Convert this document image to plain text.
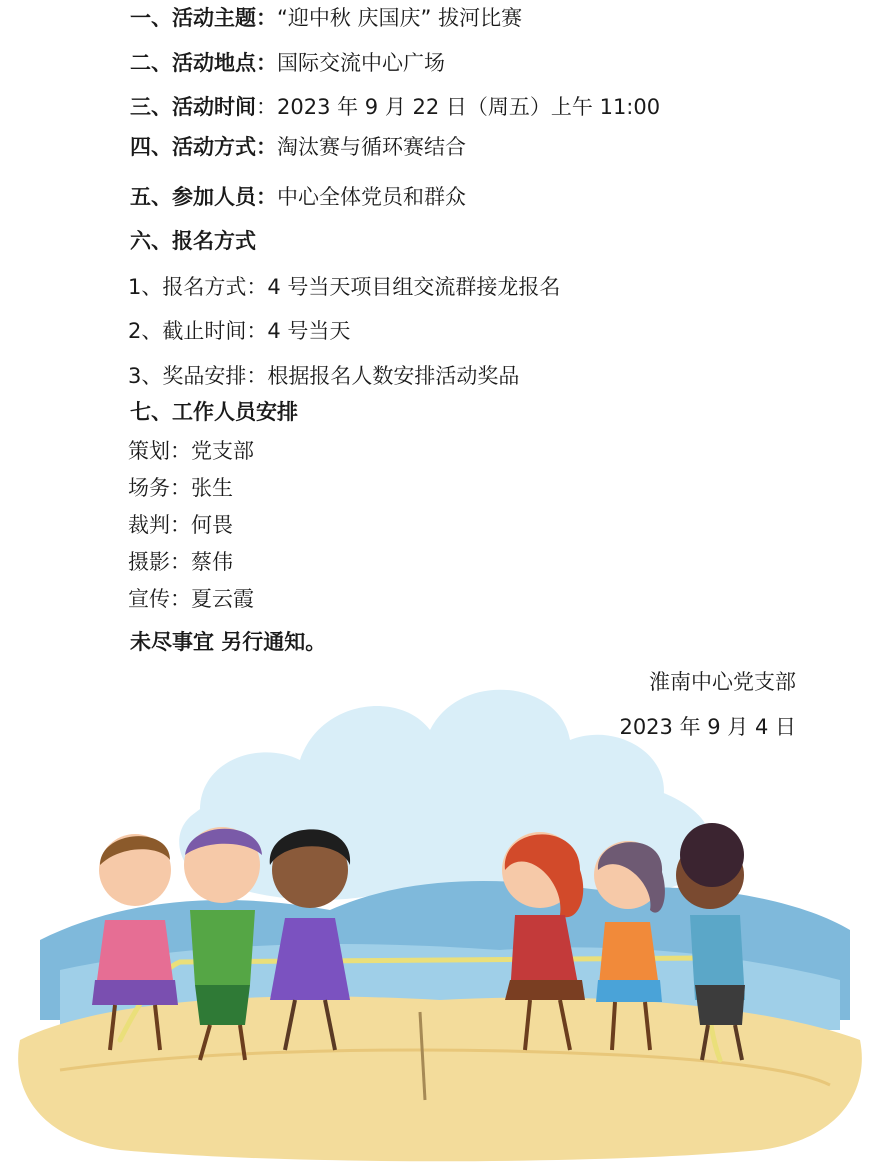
一、活动主题：“迎中秋 庆国庆” 拔河比赛
二、活动地点：国际交流中心广场
三、活动时间：2023 年 9 月 22 日（周五）上午 11:00
四、活动方式：淘汰赛与循环赛结合
五、参加人员：中心全体党员和群众
六、报名方式
1、报名方式：4 号当天项目组交流群接龙报名
2、截止时间：4 号当天
3、奖品安排：根据报名人数安排活动奖品
七、工作人员安排
策划：党支部
场务：张生
裁判：何畏
摄影：蔡伟
宣传：夏云霞
未尽事宜 另行通知。
淮南中心党支部
2023 年 9 月 4 日
